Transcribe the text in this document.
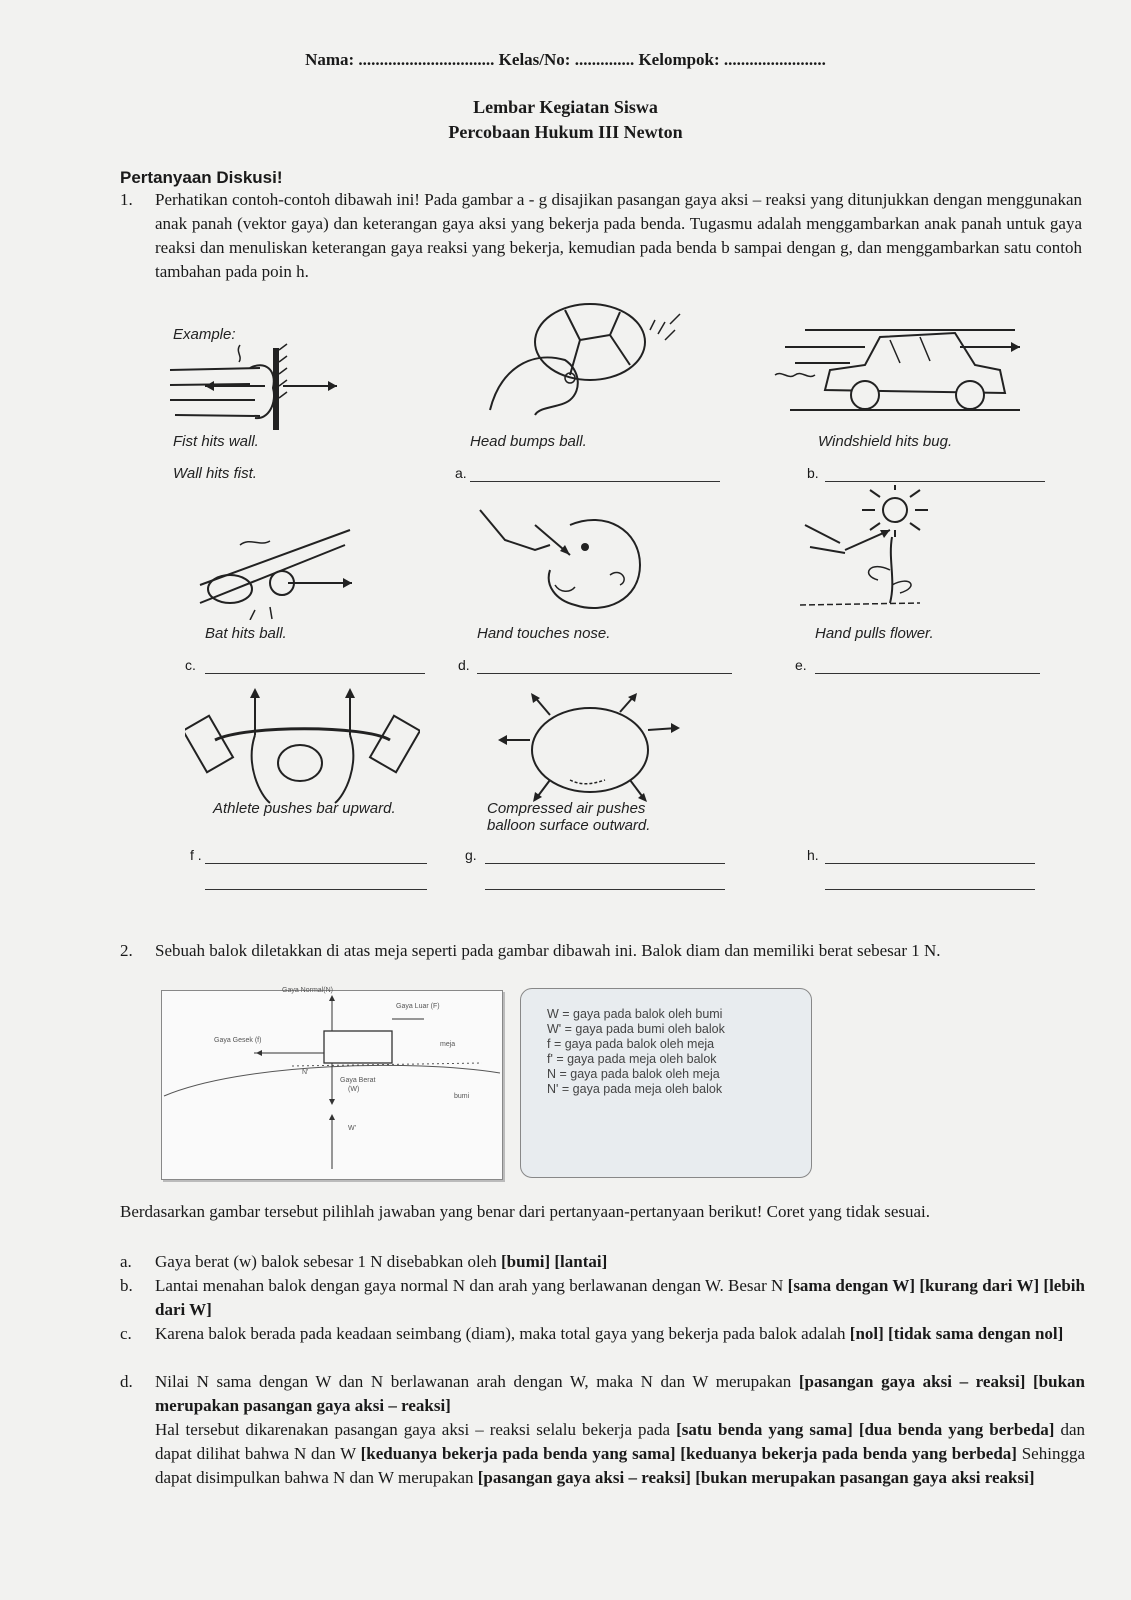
Nama: ................................ Kelas/No: .............. Kelompok: ........................
Lembar Kegiatan Siswa
Percobaan Hukum III Newton
Pertanyaan Diskusi!
1.	Perhatikan contoh-contoh dibawah ini! Pada gambar a - g disajikan pasangan gaya aksi – reaksi yang ditunjukkan dengan menggunakan anak panah (vektor gaya) dan keterangan gaya aksi yang bekerja pada benda. Tugasmu adalah menggambarkan anak panah untuk gaya reaksi dan menuliskan keterangan gaya reaksi yang bekerja, kemudian pada benda b sampai dengan g, dan menggambarkan satu contoh tambahan pada poin h.
Example:
Fist hits wall.
Wall hits fist.
Head bumps ball.
a.
Windshield hits bug.
b.
Bat hits ball.
c.
Hand touches nose.
d.
Hand pulls flower.
e.
Athlete pushes bar upward.
f .
Compressed air pushes
balloon surface outward.
g.	h.
2.	Sebuah balok diletakkan di atas meja seperti pada gambar dibawah ini. Balok diam dan memiliki berat sebesar 1 N.
Gaya Normal(N)
Gaya Luar (F)
Gaya Gesek (f)
meja
N'
Gaya Berat
(W)
bumi
W'
W = gaya pada balok oleh bumi
W' = gaya pada bumi oleh balok
f = gaya pada balok oleh meja
f' = gaya pada meja oleh balok
N = gaya pada balok oleh meja
N' = gaya pada meja oleh balok
Berdasarkan gambar tersebut pilihlah jawaban yang benar dari pertanyaan-pertanyaan berikut! Coret yang tidak sesuai.
a. Gaya berat (w) balok sebesar 1 N disebabkan oleh [bumi] [lantai]
b. Lantai menahan balok dengan gaya normal N dan arah yang berlawanan dengan W. Besar N [sama dengan W] [kurang dari W] [lebih dari W]
c. Karena balok berada pada keadaan seimbang (diam), maka total gaya yang bekerja pada balok adalah [nol] [tidak sama dengan nol]
d. Nilai N sama dengan W dan N berlawanan arah dengan W, maka N dan W merupakan [pasangan gaya aksi – reaksi] [bukan merupakan pasangan gaya aksi – reaksi]
Hal tersebut dikarenakan pasangan gaya aksi – reaksi selalu bekerja pada [satu benda yang sama] [dua benda yang berbeda] dan dapat dilihat bahwa N dan W [keduanya bekerja pada benda yang sama] [keduanya bekerja pada benda yang berbeda] Sehingga dapat disimpulkan bahwa N dan W merupakan [pasangan gaya aksi – reaksi] [bukan merupakan pasangan gaya aksi reaksi]
